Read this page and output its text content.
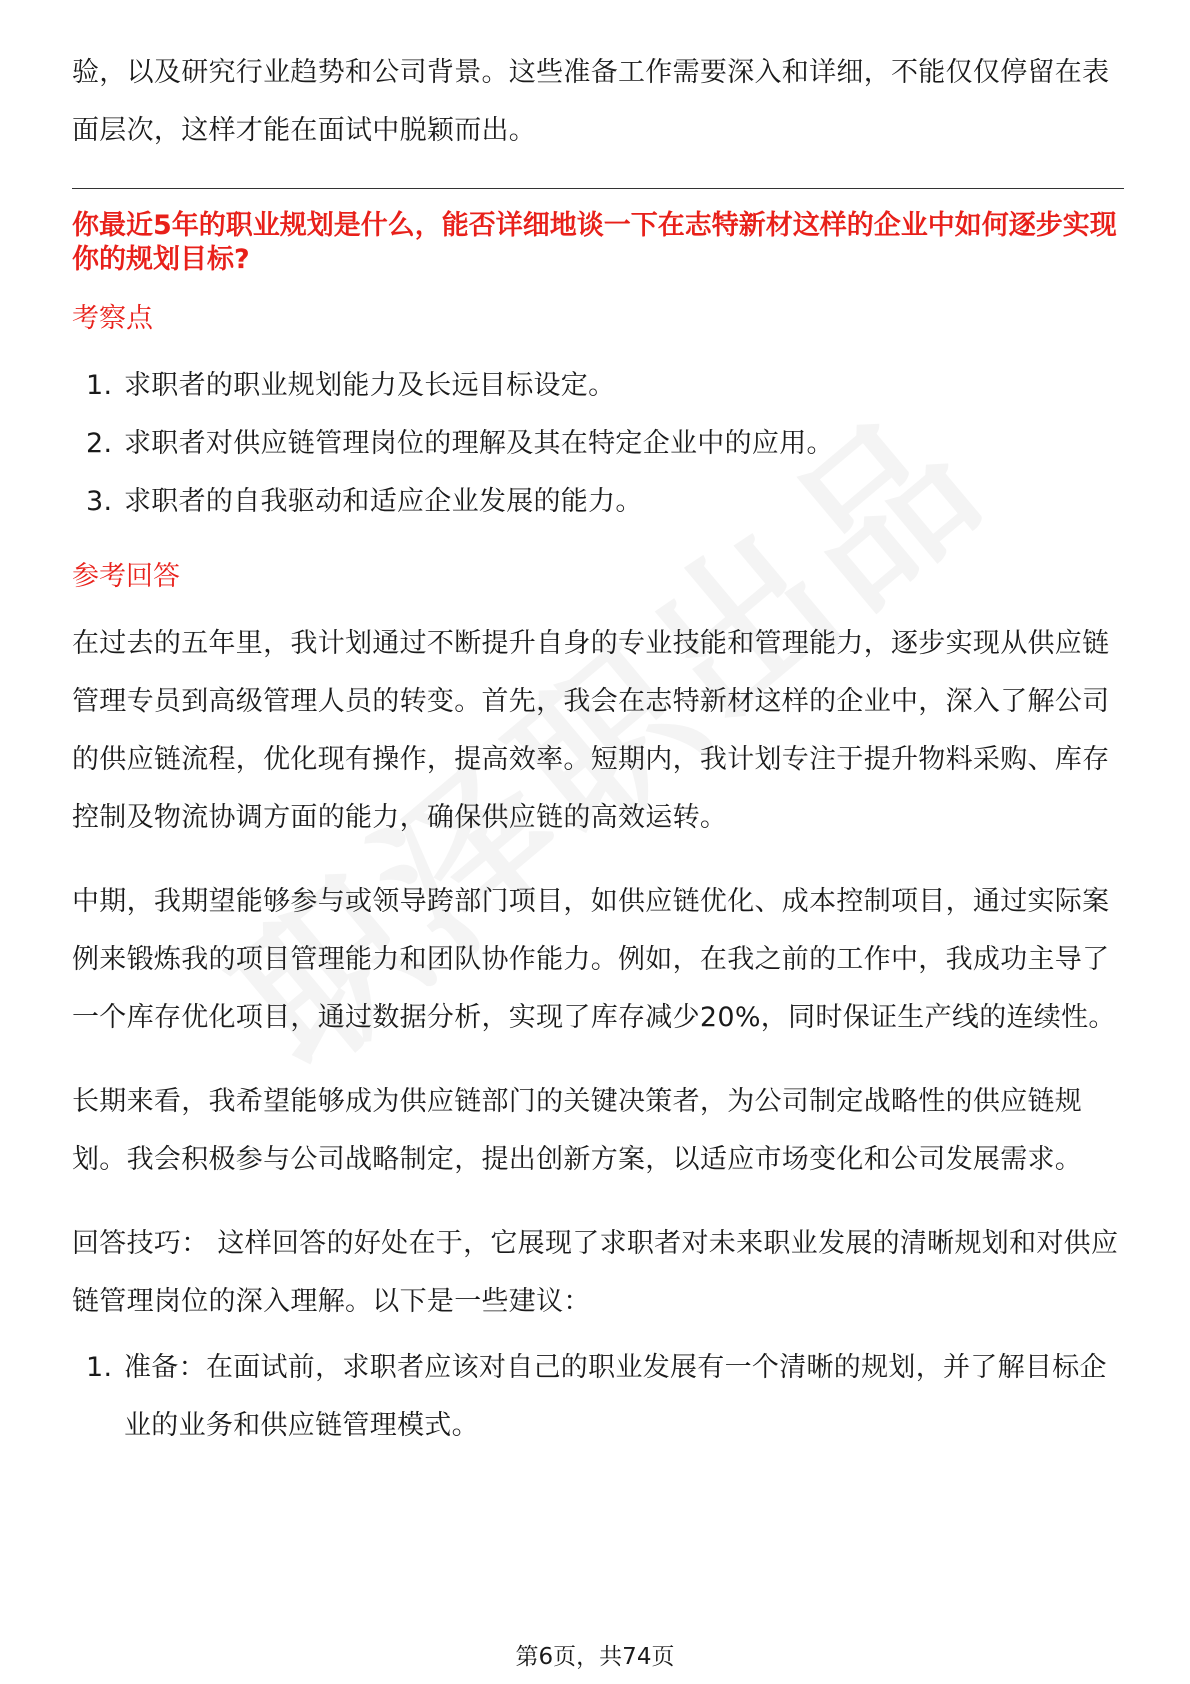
验，以及研究行业趋势和公司背景。这些准备工作需要深入和详细，不能仅仅停留在表面层次，这样才能在面试中脱颖而出。

你最近5年的职业规划是什么，能否详细地谈一下在志特新材这样的企业中如何逐步实现你的规划目标?

考察点
1. 求职者的职业规划能力及长远目标设定。
2. 求职者对供应链管理岗位的理解及其在特定企业中的应用。
3. 求职者的自我驱动和适应企业发展的能力。
参考回答

在过去的五年里，我计划通过不断提升自身的专业技能和管理能力，逐步实现从供应链管理专员到高级管理人员的转变。首先，我会在志特新材这样的企业中，深入了解公司的供应链流程，优化现有操作，提高效率。短期内，我计划专注于提升物料采购、库存控制及物流协调方面的能力，确保供应链的高效运转。

中期，我期望能够参与或领导跨部门项目，如供应链优化、成本控制项目，通过实际案例来锻炼我的项目管理能力和团队协作能力。例如，在我之前的工作中，我成功主导了一个库存优化项目，通过数据分析，实现了库存减少20%，同时保证生产线的连续性。

长期来看，我希望能够成为供应链部门的关键决策者，为公司制定战略性的供应链规划。我会积极参与公司战略制定，提出创新方案，以适应市场变化和公司发展需求。

回答技巧： 这样回答的好处在于，它展现了求职者对未来职业发展的清晰规划和对供应链管理岗位的深入理解。以下是一些建议：

1. 准备：在面试前，求职者应该对自己的职业发展有一个清晰的规划，并了解目标企业的业务和供应链管理模式。
第6页，共74页
